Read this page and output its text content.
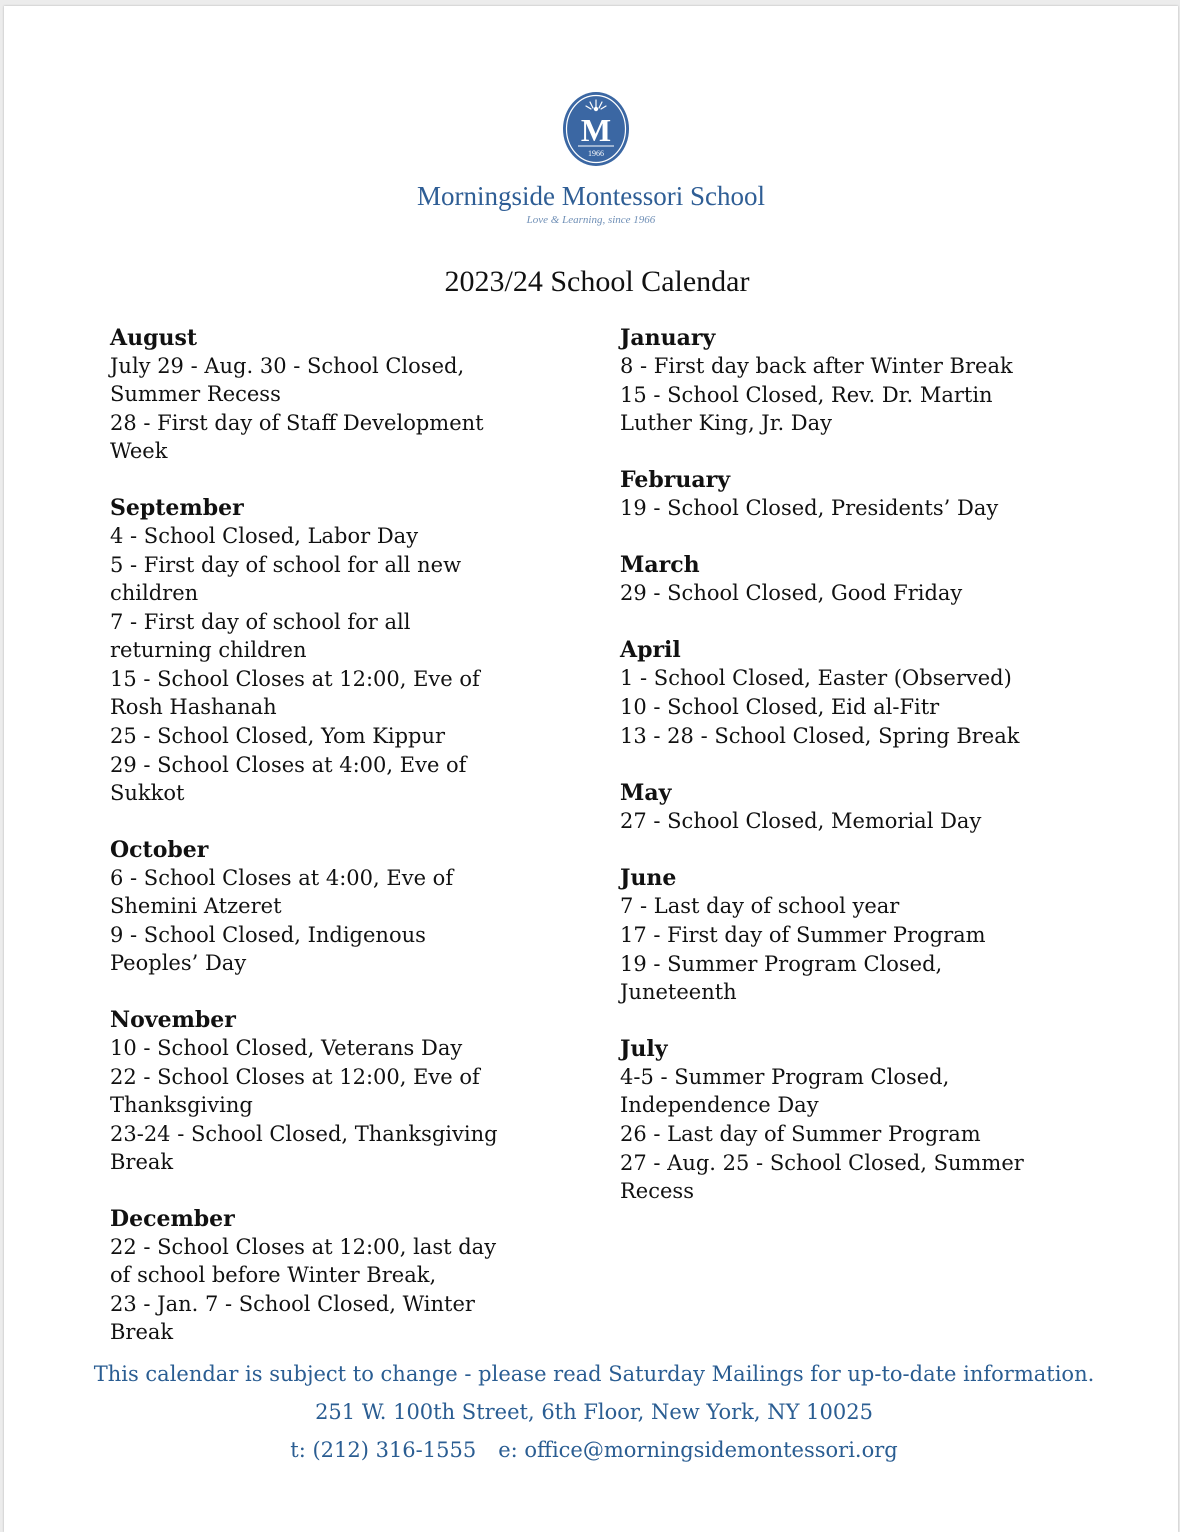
M
1966
Morningside Montessori School
Love & Learning, since 1966
2023/24 School Calendar
August
July 29 - Aug. 30 - School Closed, Summer Recess
28 - First day of Staff Development Week
September
4 - School Closed, Labor Day
5 - First day of school for all new children
7 - First day of school for all returning children
15 - School Closes at 12:00, Eve of Rosh Hashanah
25 - School Closed, Yom Kippur
29 - School Closes at 4:00, Eve of Sukkot
October
6 - School Closes at 4:00, Eve of Shemini Atzeret
9 - School Closed, Indigenous Peoples’ Day
November
10 - School Closed, Veterans Day
22 - School Closes at 12:00, Eve of Thanksgiving
23-24 - School Closed, Thanksgiving Break
December
22 - School Closes at 12:00, last day of school before Winter Break,
23 - Jan. 7 - School Closed, Winter Break
January
8 - First day back after Winter Break
15 - School Closed, Rev. Dr. Martin Luther King, Jr. Day
February
19 - School Closed, Presidents’ Day
March
29 - School Closed, Good Friday
April
1 - School Closed, Easter (Observed)
10 - School Closed, Eid al-Fitr
13 - 28 - School Closed, Spring Break
May
27 - School Closed, Memorial Day
June
7 - Last day of school year
17 - First day of Summer Program
19 - Summer Program Closed, Juneteenth
July
4-5 - Summer Program Closed, Independence Day
26 - Last day of Summer Program
27 - Aug. 25 - School Closed, Summer Recess
This calendar is subject to change - please read Saturday Mailings for up-to-date information.
251 W. 100th Street, 6th Floor, New York, NY 10025
t: (212) 316-1555 e: office@morningsidemontessori.org
